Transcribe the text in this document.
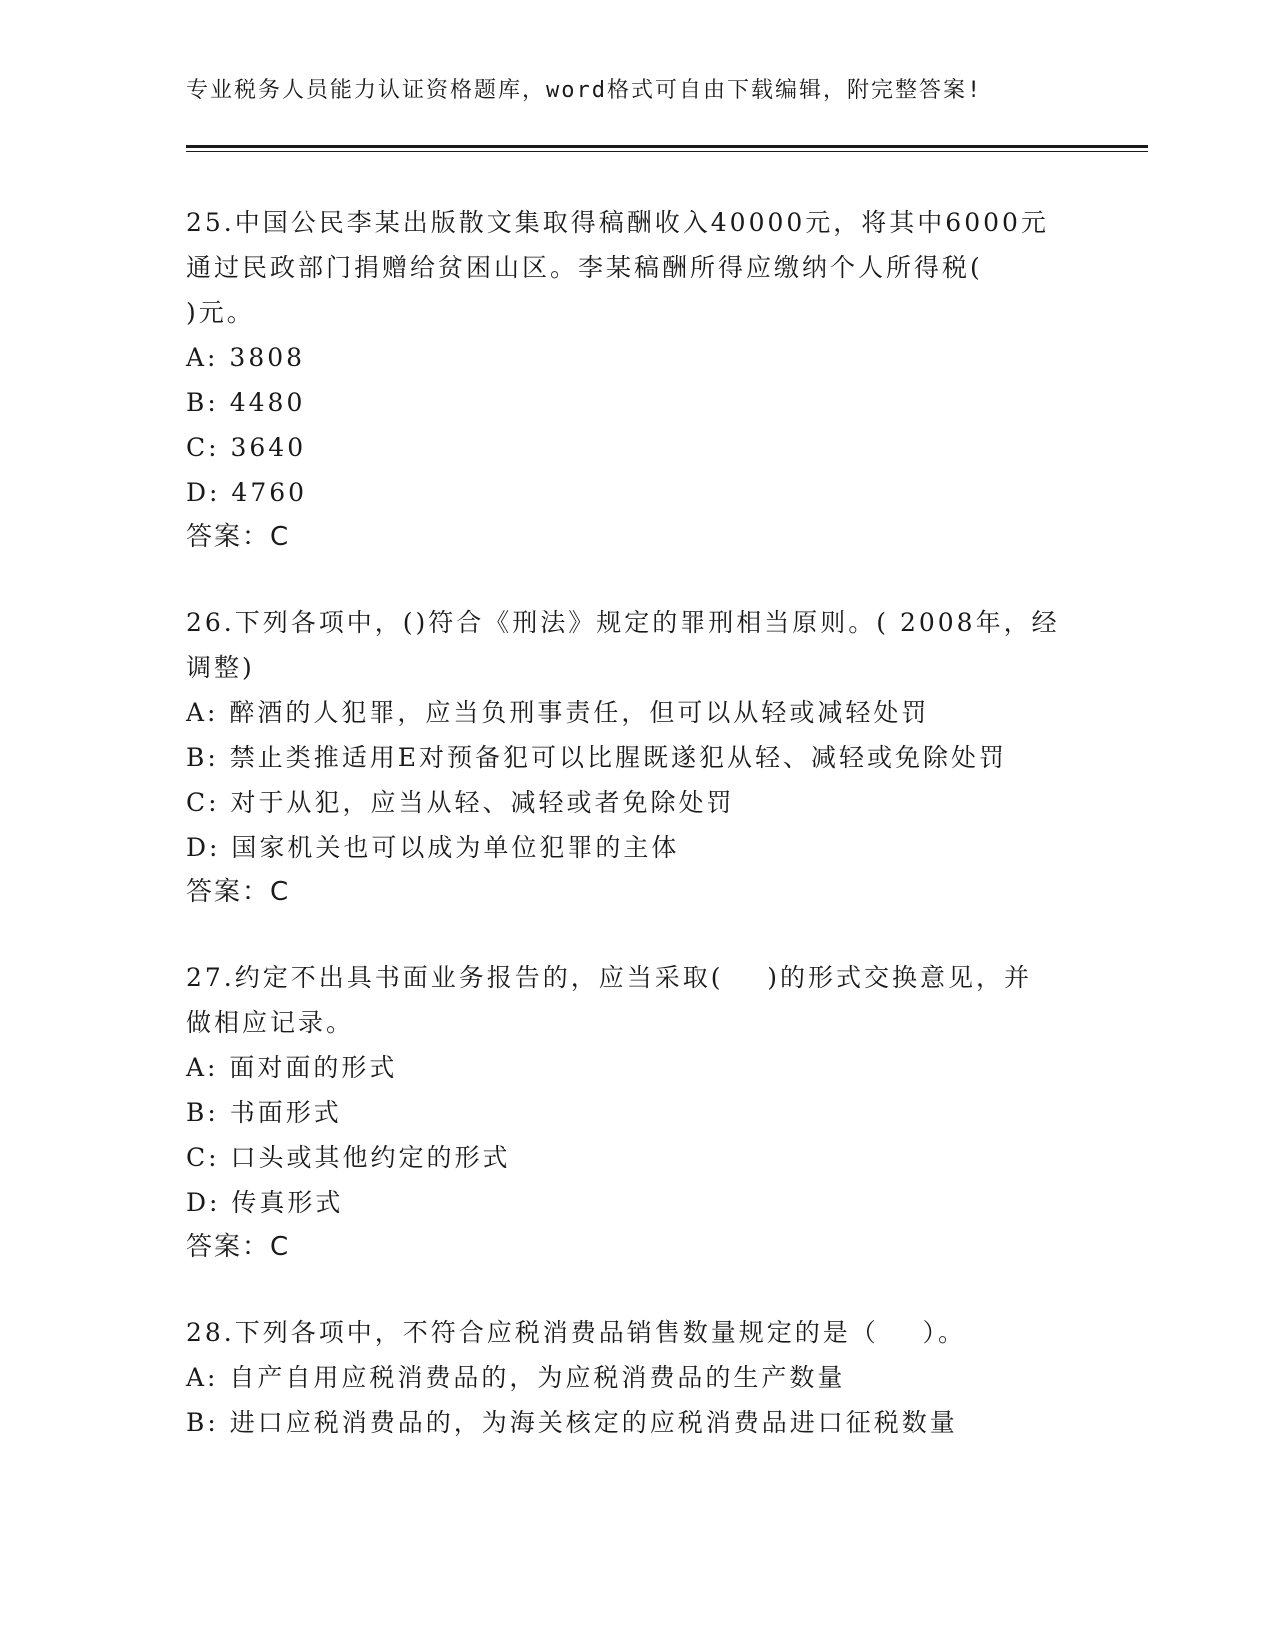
专业税务人员能力认证资格题库，word格式可自由下载编辑，附完整答案!
25.中国公民李某出版散文集取得稿酬收入40000元，将其中6000元
通过民政部门捐赠给贫困山区。李某稿酬所得应缴纳个人所得税(
)元。
A: 3808
B: 4480
C: 3640
D: 4760
答案：C
26.下列各项中，()符合《刑法》规定的罪刑相当原则。( 2008年，经
调整)
A: 醉酒的人犯罪，应当负刑事责任，但可以从轻或减轻处罚
B: 禁止类推适用E对预备犯可以比腥既遂犯从轻、减轻或免除处罚
C: 对于从犯，应当从轻、减轻或者免除处罚
D: 国家机关也可以成为单位犯罪的主体
答案：C
27.约定不出具书面业务报告的，应当采取(    )的形式交换意见，并
做相应记录。
A: 面对面的形式
B: 书面形式
C: 口头或其他约定的形式
D: 传真形式
答案：C
28.下列各项中，不符合应税消费品销售数量规定的是（    ）。
A: 自产自用应税消费品的，为应税消费品的生产数量
B: 进口应税消费品的，为海关核定的应税消费品进口征税数量
